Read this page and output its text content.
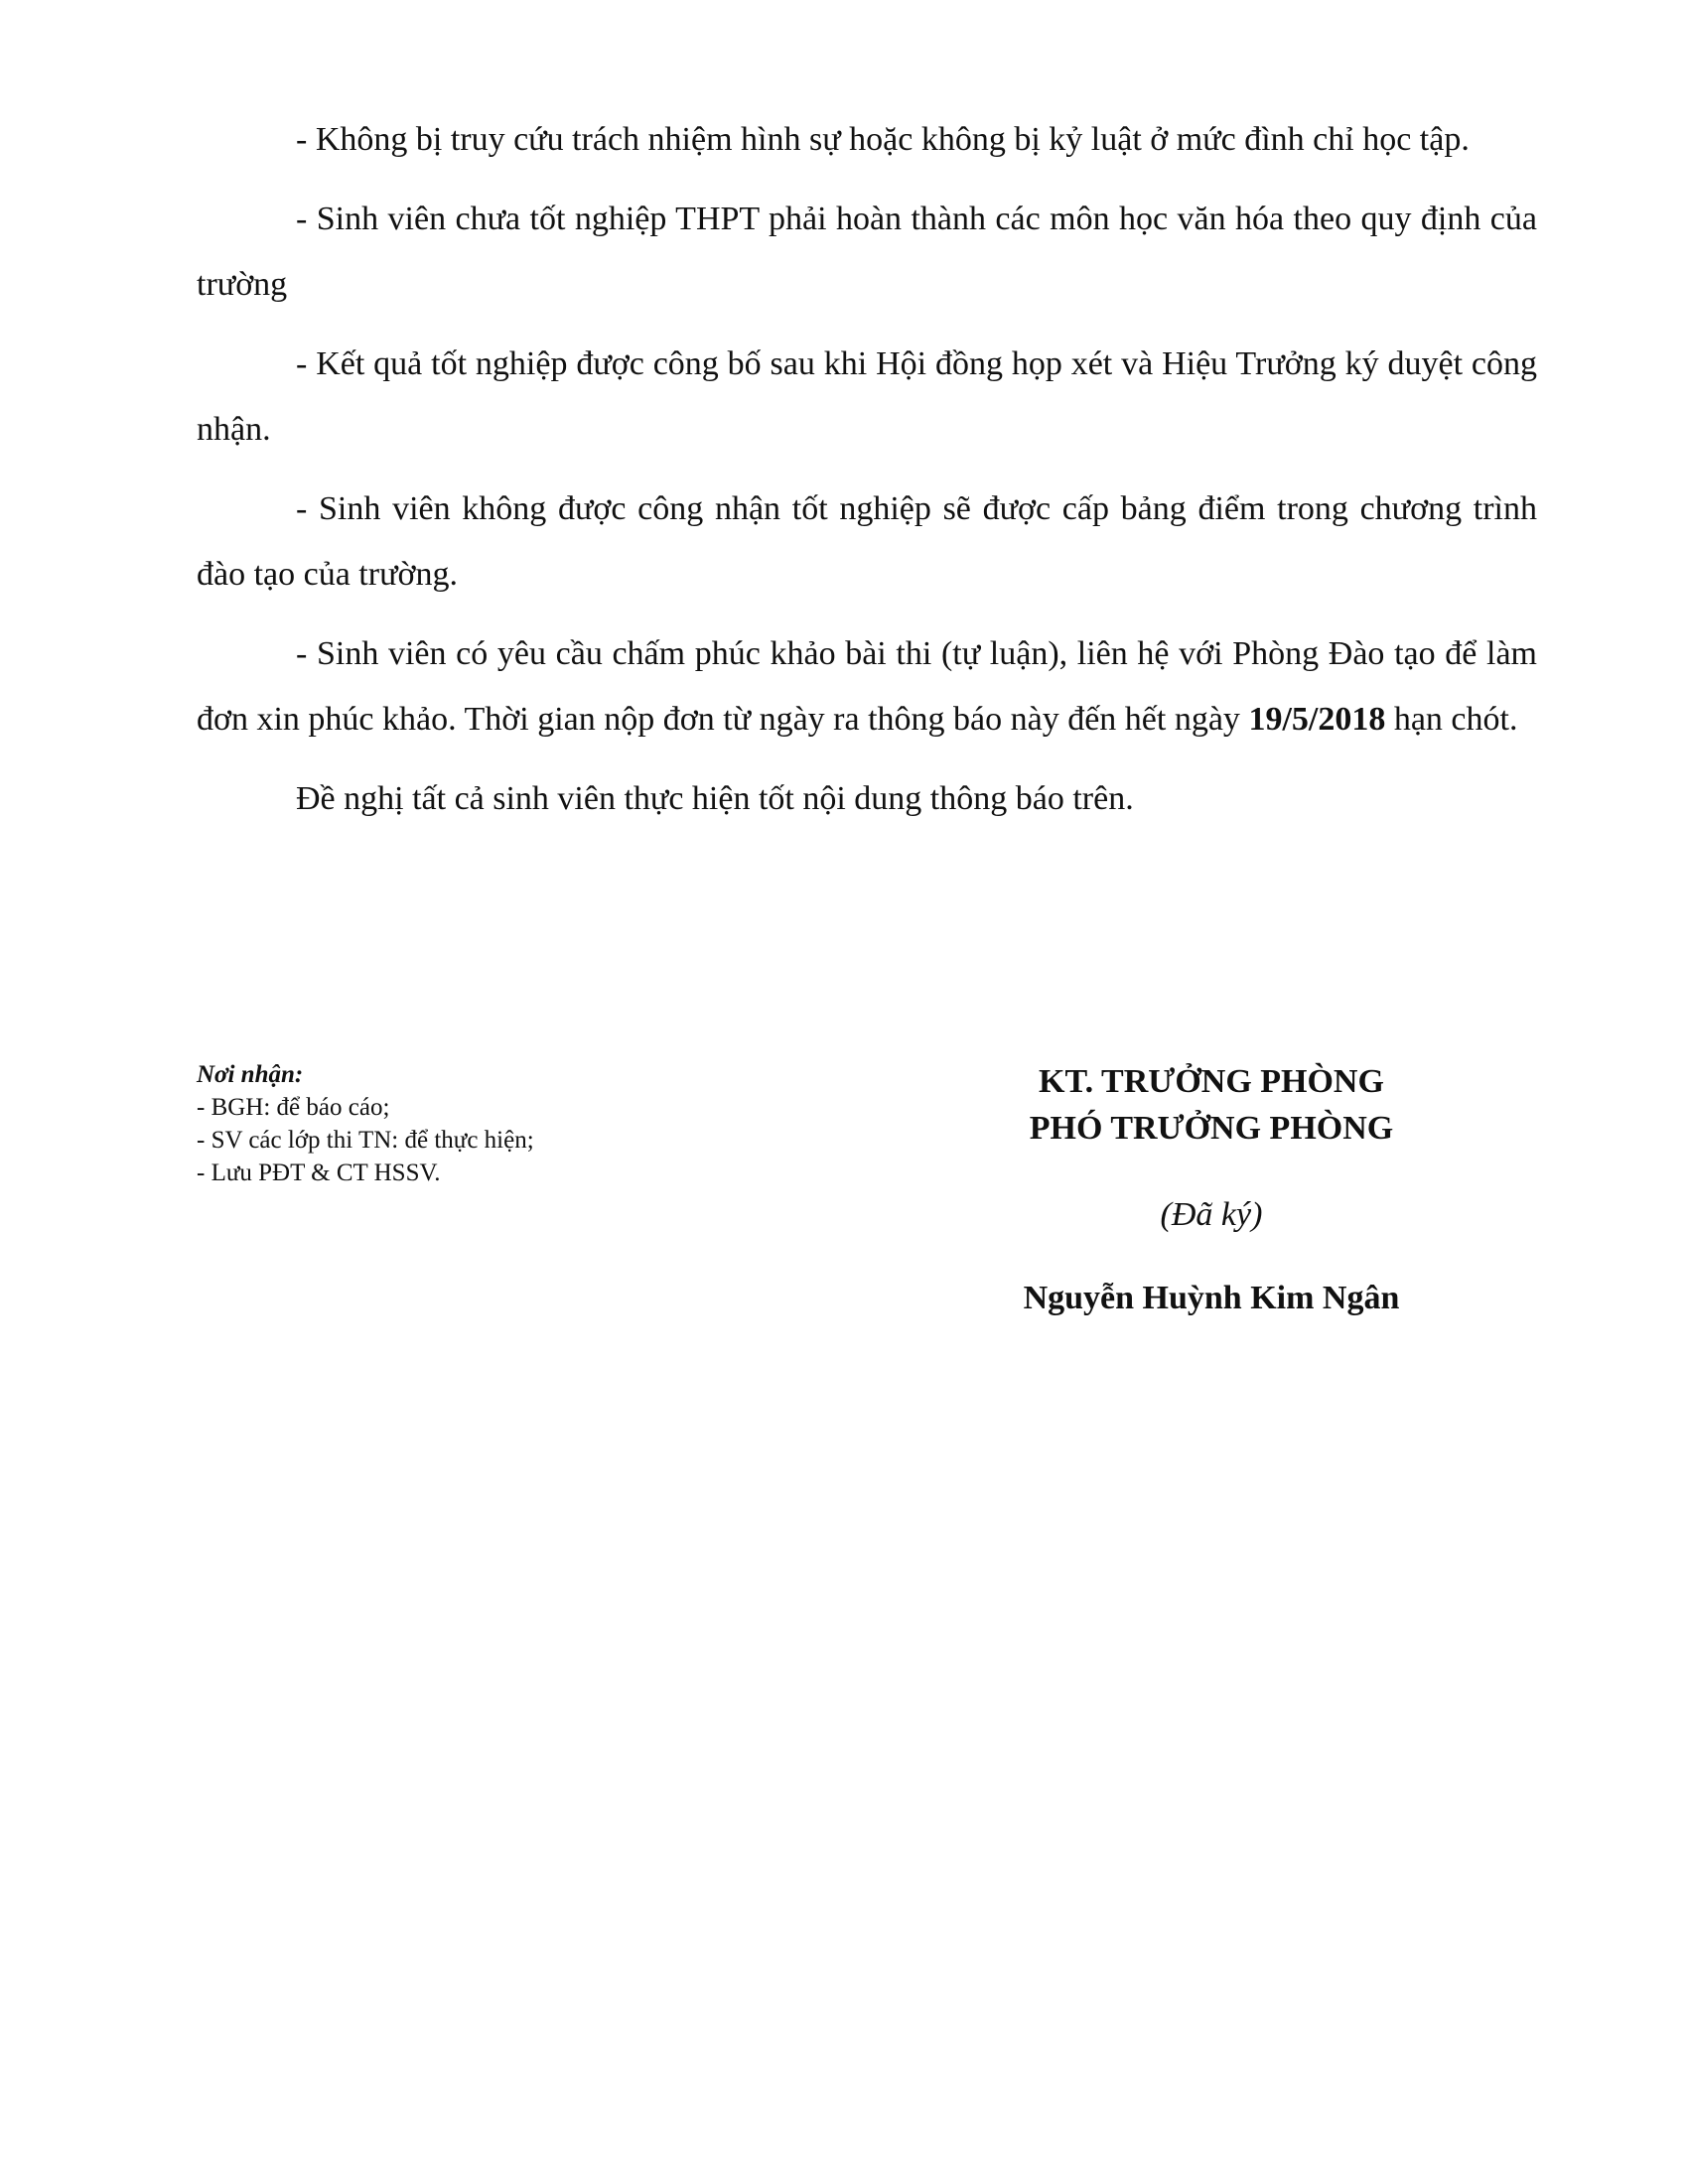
- Không bị truy cứu trách nhiệm hình sự hoặc không bị kỷ luật ở mức đình chỉ học tập.

- Sinh viên chưa tốt nghiệp THPT phải hoàn thành các môn học văn hóa theo quy định của trường

- Kết quả tốt nghiệp được công bố sau khi Hội đồng họp xét và Hiệu Trưởng ký duyệt công nhận.

- Sinh viên không được công nhận tốt nghiệp sẽ được cấp bảng điểm trong chương trình đào tạo của trường.

- Sinh viên có yêu cầu chấm phúc khảo bài thi (tự luận), liên hệ với Phòng Đào tạo để làm đơn xin phúc khảo. Thời gian nộp đơn từ ngày ra thông báo này đến hết ngày 19/5/2018 hạn chót.

Đề nghị tất cả sinh viên thực hiện tốt nội dung thông báo trên.

Nơi nhận:
- BGH: để báo cáo;
- SV các lớp thi TN: để thực hiện;
- Lưu PĐT & CT HSSV.
KT. TRƯỞNG PHÒNG
PHÓ TRƯỞNG PHÒNG
(Đã ký)
Nguyễn Huỳnh Kim Ngân
